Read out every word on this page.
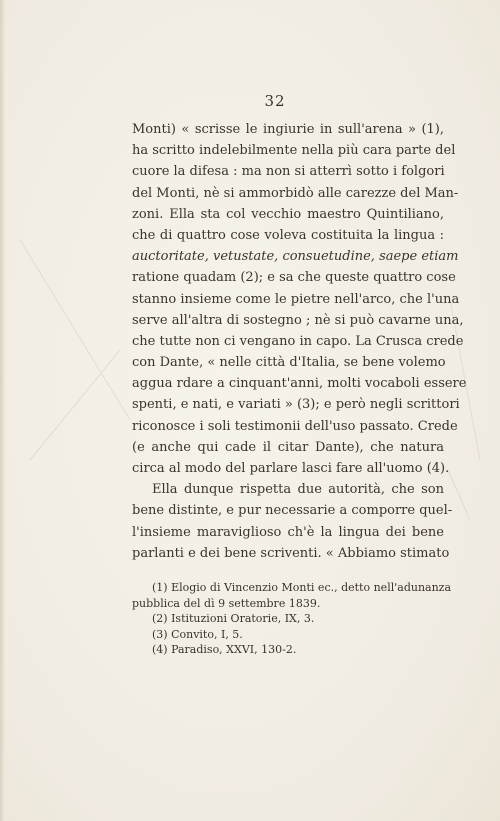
32
Monti) « scrisse le ingiurie in sull'arena » (1),
ha scritto indelebilmente nella più cara parte del
cuore la difesa : ma non si atterrì sotto i folgori
del Monti, nè si ammorbidò alle carezze del Man-
zoni. Ella sta col vecchio maestro Quintiliano,
che di quattro cose voleva costituita la lingua :
auctoritate, vetustate, consuetudine, saepe etiam
ratione quadam (2); e sa che queste quattro cose
stanno insieme come le pietre nell'arco, che l'una
serve all'altra di sostegno ; nè si può cavarne una,
che tutte non ci vengano in capo. La Crusca crede
con Dante, « nelle città d'Italia, se bene volemo
aggua rdare a cinquant'anni, molti vocaboli essere
spenti, e nati, e variati » (3); e però negli scrittori
riconosce i soli testimonii dell'uso passato. Crede
(e anche qui cade il citar Dante), che natura
circa al modo del parlare lasci fare all'uomo (4).
Ella dunque rispetta due autorità, che son
bene distinte, e pur necessarie a comporre quel-
l'insieme maraviglioso ch'è la lingua dei bene
parlanti e dei bene scriventi. « Abbiamo stimato
(1) Elogio di Vincenzio Monti ec., detto nell'adunanza
pubblica del dì 9 settembre 1839.
(2) Istituzioni Oratorie, IX, 3.
(3) Convito, I, 5.
(4) Paradiso, XXVI, 130-2.
